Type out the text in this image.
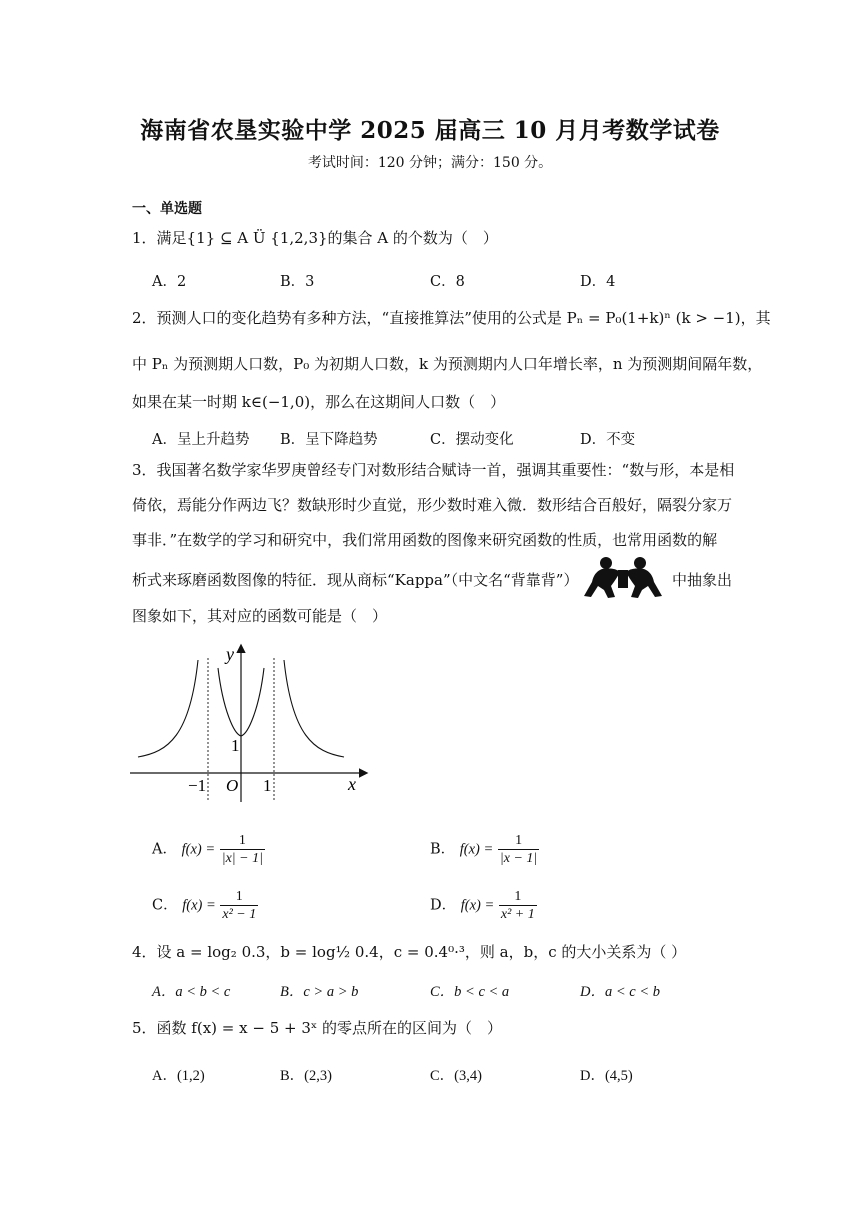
海南省农垦实验中学 2025 届高三 10 月月考数学试卷
考试时间：120 分钟；满分：150 分。
一、单选题
1．满足{1} ⊆ A Ü {1,2,3}的集合 A 的个数为（　）
A．2	B．3	C．8	D．4
2．预测人口的变化趋势有多种方法，“直接推算法”使用的公式是 Pₙ = P₀(1+k)ⁿ (k > −1)，其
中 Pₙ 为预测期人口数，P₀ 为初期人口数，k 为预测期内人口年增长率，n 为预测期间隔年数，
如果在某一时期 k∈(−1,0)，那么在这期间人口数（　）
A．呈上升趋势 B．呈下降趋势	C．摆动变化	D．不变
3．我国著名数学家华罗庚曾经专门对数形结合赋诗一首，强调其重要性：“数与形，本是相
倚依，焉能分作两边飞？数缺形时少直觉，形少数时难入微．数形结合百般好，隔裂分家万
事非．”在数学的学习和研究中，我们常用函数的图像来研究函数的性质，也常用函数的解
析式来琢磨函数图像的特征．现从商标“Kappa”（中文名“背靠背”）	中抽象出
图象如下，其对应的函数可能是（　）
y
x
O
−1	1
1
A． $f(x) = \frac{1}{|x| - 1|}$	B． $f(x) = \frac{1}{|x - 1|}$
C． $f(x) = \frac{1}{\text{x² − 1}}$	D． $f(x) = \frac{1}{\text{x² + 1}}$
4．设 a = log₂ 0.3，b = log½ 0.4，c = 0.4⁰·³，则 a，b，c 的大小关系为（ ）
A．a < b < c	B．c > a > b	C．b < c < a	D．a < c < b
5．函数 f(x) = x − 5 + 3ˣ 的零点所在的区间为（　）
A．(1,2)	B．(2,3)	C．(3,4)	D．(4,5)
